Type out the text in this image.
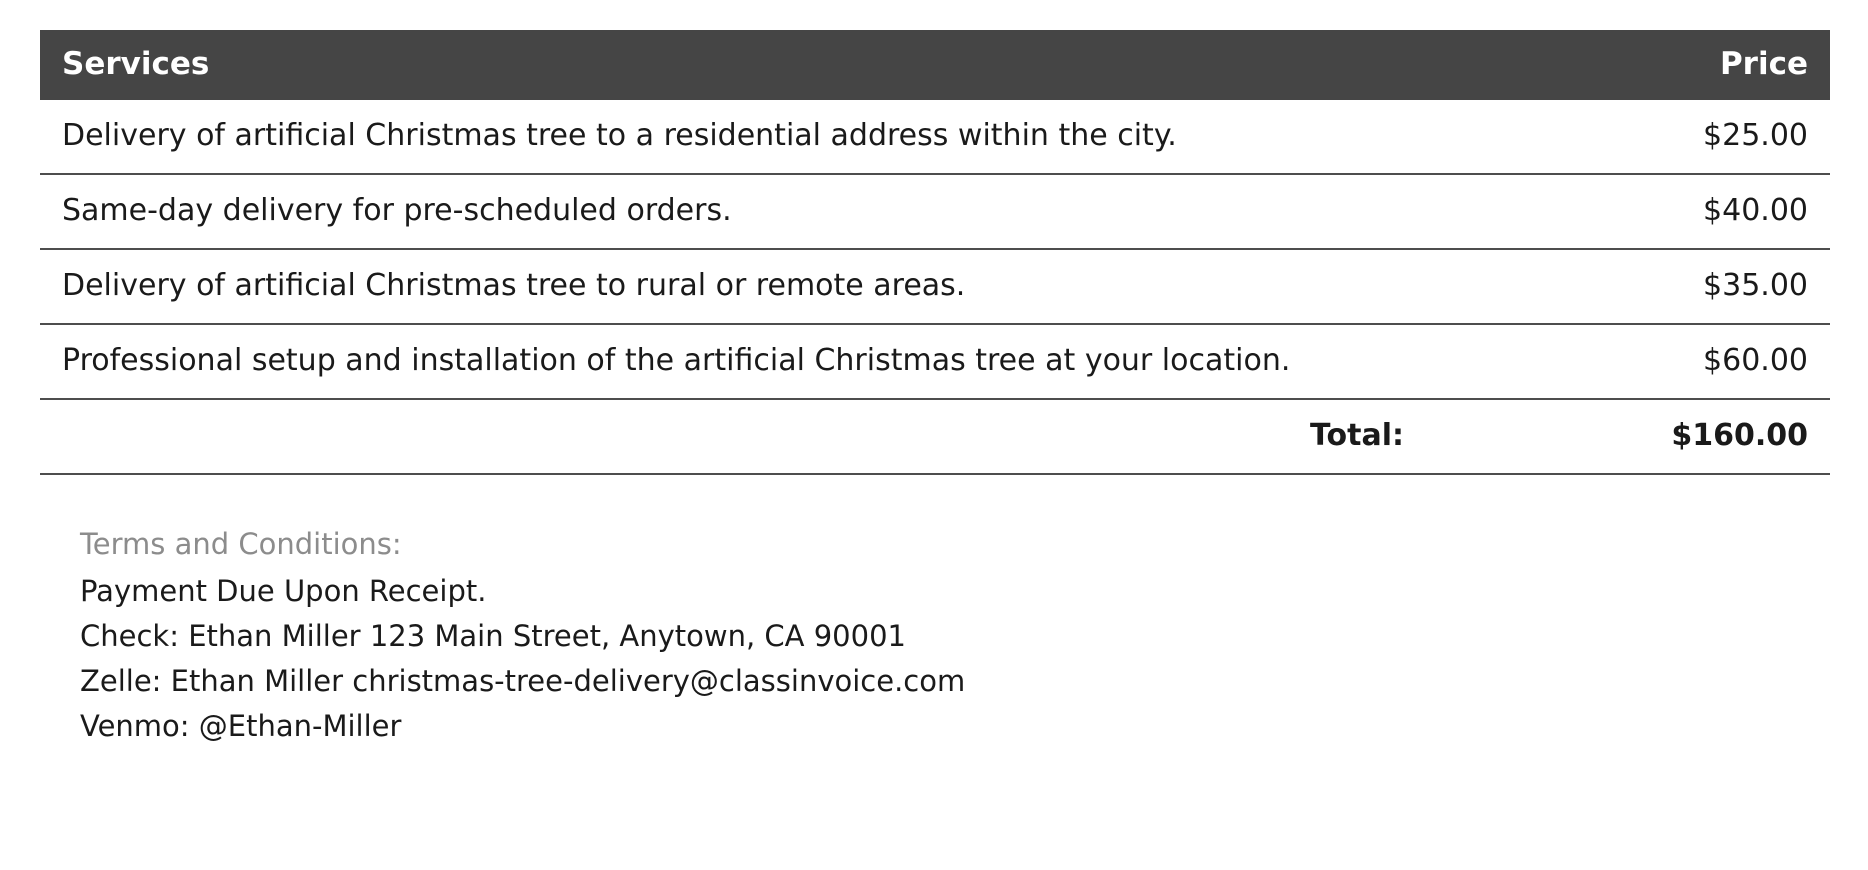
Services	Price
Delivery of artificial Christmas tree to a residential address within the city.	$25.00
Same-day delivery for pre-scheduled orders.	$40.00
Delivery of artificial Christmas tree to rural or remote areas.	$35.00
Professional setup and installation of the artificial Christmas tree at your location.	$60.00
Total:	$160.00
Terms and Conditions:
Payment Due Upon Receipt.
Check: Ethan Miller 123 Main Street, Anytown, CA 90001
Zelle: Ethan Miller christmas-tree-delivery@classinvoice.com
Venmo: @Ethan-Miller
